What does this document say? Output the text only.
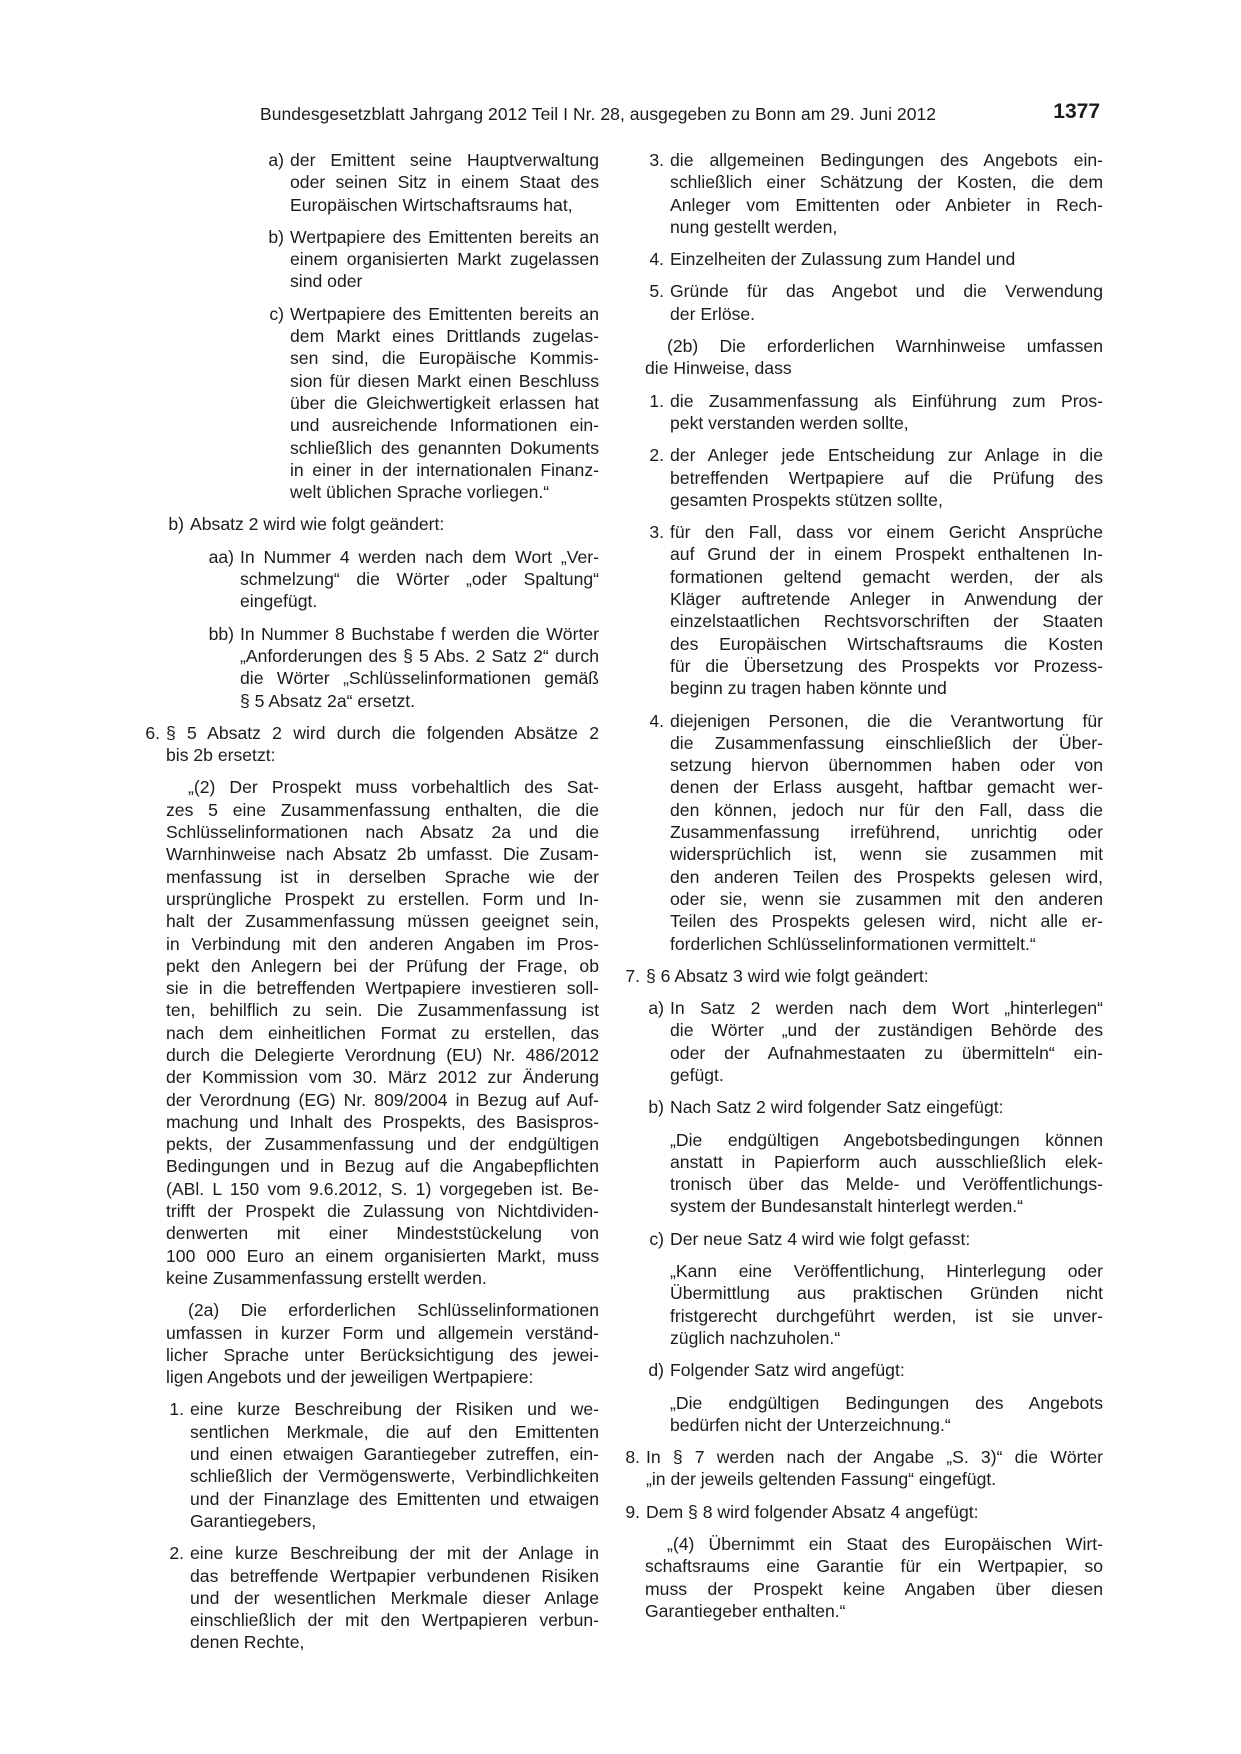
Bundesgesetzblatt Jahrgang 2012 Teil I Nr. 28, ausgegeben zu Bonn am 29. Juni 2012	1377
a) der Emittent seine Hauptverwaltung
oder seinen Sitz in einem Staat des
Europäischen Wirtschaftsraums hat,
b) Wertpapiere des Emittenten bereits an
einem organisierten Markt zugelassen
sind oder
c) Wertpapiere des Emittenten bereits an
dem Markt eines Drittlands zugelas-
sen sind, die Europäische Kommis-
sion für diesen Markt einen Beschluss
über die Gleichwertigkeit erlassen hat
und ausreichende Informationen ein-
schließlich des genannten Dokuments
in einer in der internationalen Finanz-
welt üblichen Sprache vorliegen.“
b) Absatz 2 wird wie folgt geändert:
aa) In Nummer 4 werden nach dem Wort „Ver-
schmelzung“ die Wörter „oder Spaltung“
eingefügt.
bb) In Nummer 8 Buchstabe f werden die Wörter
„Anforderungen des § 5 Abs. 2 Satz 2“ durch
die Wörter „Schlüsselinformationen gemäß
§ 5 Absatz 2a“ ersetzt.
6. § 5 Absatz 2 wird durch die folgenden Absätze 2
bis 2b ersetzt:
„(2) Der Prospekt muss vorbehaltlich des Sat-
zes 5 eine Zusammenfassung enthalten, die die
Schlüsselinformationen nach Absatz 2a und die
Warnhinweise nach Absatz 2b umfasst. Die Zusam-
menfassung ist in derselben Sprache wie der
ursprüngliche Prospekt zu erstellen. Form und In-
halt der Zusammenfassung müssen geeignet sein,
in Verbindung mit den anderen Angaben im Pros-
pekt den Anlegern bei der Prüfung der Frage, ob
sie in die betreffenden Wertpapiere investieren soll-
ten, behilflich zu sein. Die Zusammenfassung ist
nach dem einheitlichen Format zu erstellen, das
durch die Delegierte Verordnung (EU) Nr. 486/2012
der Kommission vom 30. März 2012 zur Änderung
der Verordnung (EG) Nr. 809/2004 in Bezug auf Auf-
machung und Inhalt des Prospekts, des Basispros-
pekts, der Zusammenfassung und der endgültigen
Bedingungen und in Bezug auf die Angabepflichten
(ABl. L 150 vom 9.6.2012, S. 1) vorgegeben ist. Be-
trifft der Prospekt die Zulassung von Nichtdividen-
denwerten mit einer Mindeststückelung von
100 000 Euro an einem organisierten Markt, muss
keine Zusammenfassung erstellt werden.
(2a) Die erforderlichen Schlüsselinformationen
umfassen in kurzer Form und allgemein verständ-
licher Sprache unter Berücksichtigung des jewei-
ligen Angebots und der jeweiligen Wertpapiere:
1. eine kurze Beschreibung der Risiken und we-
sentlichen Merkmale, die auf den Emittenten
und einen etwaigen Garantiegeber zutreffen, ein-
schließlich der Vermögenswerte, Verbindlichkeiten
und der Finanzlage des Emittenten und etwaigen
Garantiegebers,
2. eine kurze Beschreibung der mit der Anlage in
das betreffende Wertpapier verbundenen Risiken
und der wesentlichen Merkmale dieser Anlage
einschließlich der mit den Wertpapieren verbun-
denen Rechte,
3. die allgemeinen Bedingungen des Angebots ein-
schließlich einer Schätzung der Kosten, die dem
Anleger vom Emittenten oder Anbieter in Rech-
nung gestellt werden,
4. Einzelheiten der Zulassung zum Handel und
5. Gründe für das Angebot und die Verwendung
der Erlöse.
(2b) Die erforderlichen Warnhinweise umfassen
die Hinweise, dass
1. die Zusammenfassung als Einführung zum Pros-
pekt verstanden werden sollte,
2. der Anleger jede Entscheidung zur Anlage in die
betreffenden Wertpapiere auf die Prüfung des
gesamten Prospekts stützen sollte,
3. für den Fall, dass vor einem Gericht Ansprüche
auf Grund der in einem Prospekt enthaltenen In-
formationen geltend gemacht werden, der als
Kläger auftretende Anleger in Anwendung der
einzelstaatlichen Rechtsvorschriften der Staaten
des Europäischen Wirtschaftsraums die Kosten
für die Übersetzung des Prospekts vor Prozess-
beginn zu tragen haben könnte und
4. diejenigen Personen, die die Verantwortung für
die Zusammenfassung einschließlich der Über-
setzung hiervon übernommen haben oder von
denen der Erlass ausgeht, haftbar gemacht wer-
den können, jedoch nur für den Fall, dass die
Zusammenfassung irreführend, unrichtig oder
widersprüchlich ist, wenn sie zusammen mit
den anderen Teilen des Prospekts gelesen wird,
oder sie, wenn sie zusammen mit den anderen
Teilen des Prospekts gelesen wird, nicht alle er-
forderlichen Schlüsselinformationen vermittelt.“
7. § 6 Absatz 3 wird wie folgt geändert:
a) In Satz 2 werden nach dem Wort „hinterlegen“
die Wörter „und der zuständigen Behörde des
oder der Aufnahmestaaten zu übermitteln“ ein-
gefügt.
b) Nach Satz 2 wird folgender Satz eingefügt:
„Die endgültigen Angebotsbedingungen können
anstatt in Papierform auch ausschließlich elek-
tronisch über das Melde- und Veröffentlichungs-
system der Bundesanstalt hinterlegt werden.“
c) Der neue Satz 4 wird wie folgt gefasst:
„Kann eine Veröffentlichung, Hinterlegung oder
Übermittlung aus praktischen Gründen nicht
fristgerecht durchgeführt werden, ist sie unver-
züglich nachzuholen.“
d) Folgender Satz wird angefügt:
„Die endgültigen Bedingungen des Angebots
bedürfen nicht der Unterzeichnung.“
8. In § 7 werden nach der Angabe „S. 3)“ die Wörter
„in der jeweils geltenden Fassung“ eingefügt.
9. Dem § 8 wird folgender Absatz 4 angefügt:
„(4) Übernimmt ein Staat des Europäischen Wirt-
schaftsraums eine Garantie für ein Wertpapier, so
muss der Prospekt keine Angaben über diesen
Garantiegeber enthalten.“
